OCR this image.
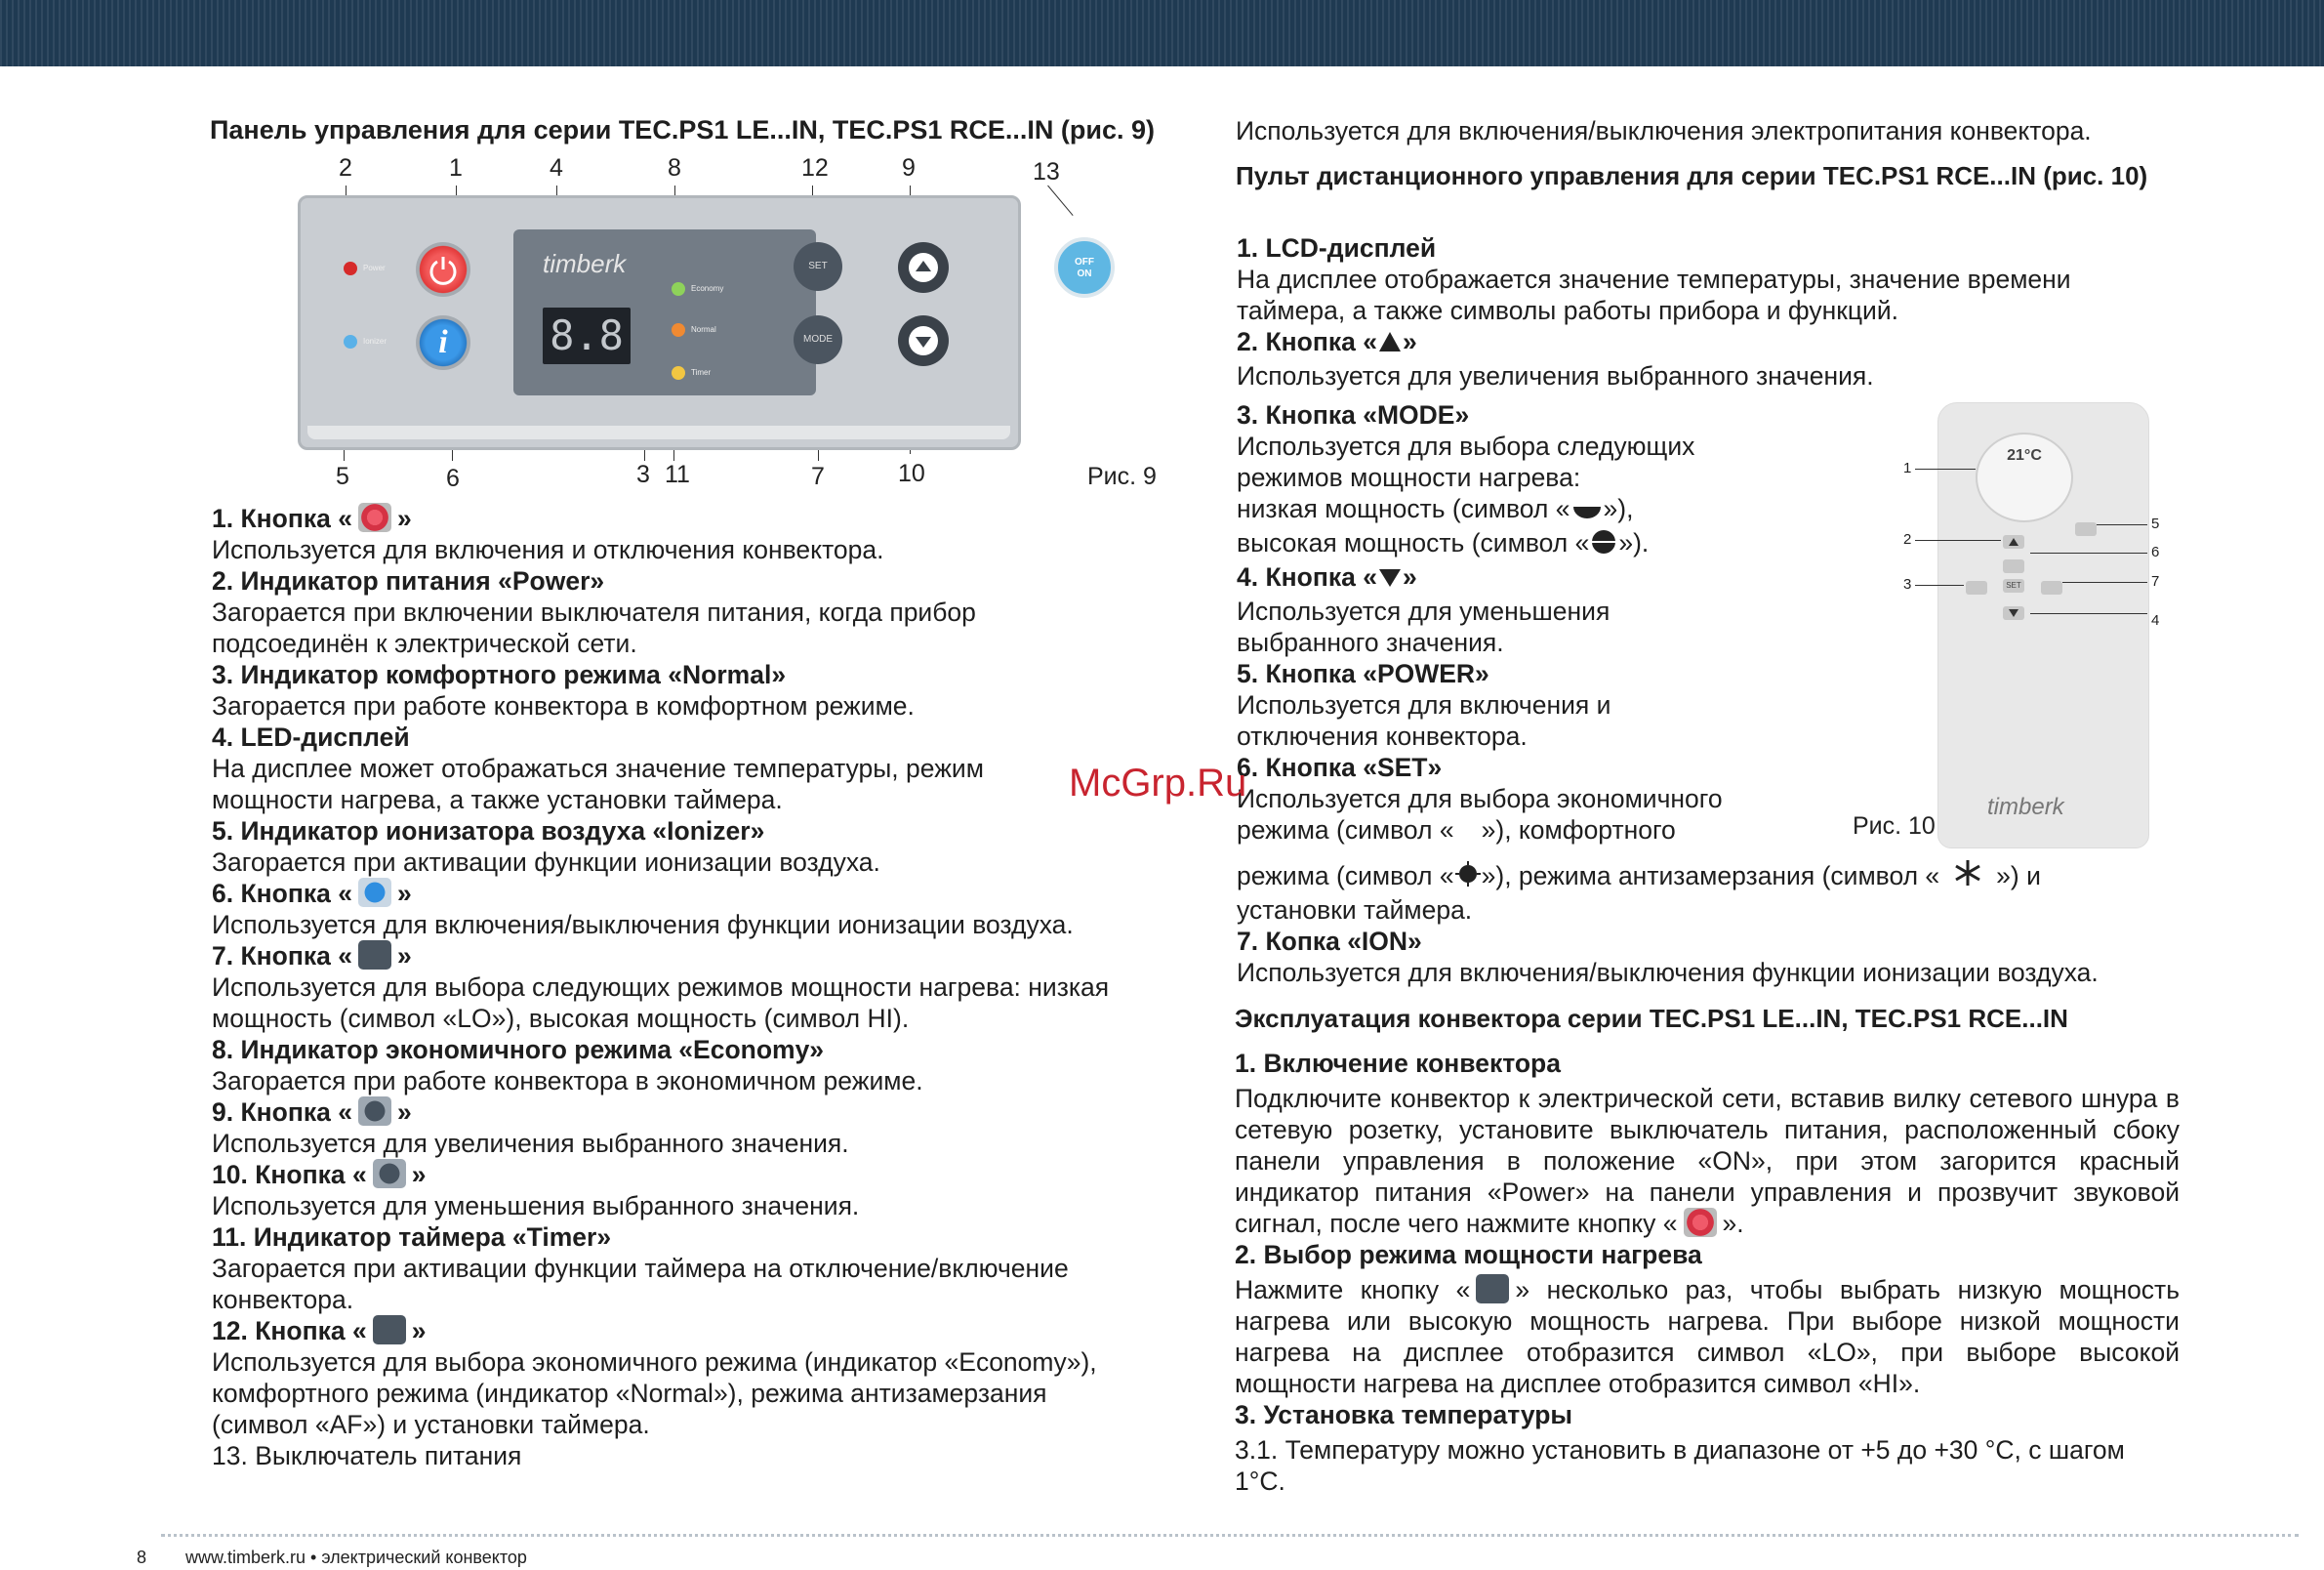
Панель управления для серии TEC.PS1 LE...IN, TEC.PS1 RCE...IN (рис. 9)
2	1	4	8	12	9	13
Power
Ionizer	i
timberk
8.8
Economy
Normal
Timer
SET
MODE
OFF
ON
5	6	3 11	7	10	Рис. 9

1. Кнопка « »

Используется для включения и отключения конвектора.

2. Индикатор питания «Power»

Загорается при включении выключателя питания, когда прибор подсоединён к электрической сети.

3. Индикатор комфортного режима «Normal»

Загорается при работе конвектора в комфортном режиме.

4. LED-дисплей

На дисплее может отображаться значение температуры, режим мощности нагрева, а также установки таймера.

5. Индикатор ионизатора воздуха «Ionizer»

Загорается при активации функции ионизации воздуха.

6. Кнопка « »

Используется для включения/выключения функции ионизации воздуха.

7. Кнопка « »

Используется для выбора следующих режимов мощности нагрева: низкая мощность (символ «LO»), высокая мощность (символ HI).

8. Индикатор экономичного режима «Economy»

Загорается при работе конвектора в экономичном режиме.

9. Кнопка « »

Используется для увеличения выбранного значения.

10. Кнопка « »

Используется для уменьшения выбранного значения.

11. Индикатор таймера «Timer»

Загорается при активации функции таймера на отключение/включение конвектора.

12. Кнопка « »

Используется для выбора экономичного режима (индикатор «Economy»), комфортного режима (индикатор «Normal»), режима антизамерзания (символ «AF») и установки таймера.

13. Выключатель питания

Используется для включения/выключения электропитания конвектора.

Пульт дистанционного управления для серии TEC.PS1 RCE...IN (рис. 10)

1. LCD-дисплей

На дисплее отображается значение температуры, значение времени таймера, а также символы работы прибора и функций.

2. Кнопка « »

Используется для увеличения выбранного значения.

3. Кнопка «MODE»

Используется для выбора следующих режимов мощности нагрева:

низкая мощность (символ « »),

высокая мощность (символ « »).

4. Кнопка « »

Используется для уменьшения выбранного значения.

5. Кнопка «POWER»

Используется для включения и отключения конвектора.

6. Кнопка «SET»

Используется для выбора экономичного

режима (символ « »), комфортного

режима (символ « »), режима антизамерзания (символ « ») и

установки таймера.

7. Копка «ION»

Используется для включения/выключения функции ионизации воздуха.

21°C
SET
timberk
1
2
3
5
6
7
4
Рис. 10

Эксплуатация конвектора серии TEC.PS1 LE...IN, TEC.PS1 RCE...IN

1. Включение конвектора

Подключите конвектор к электрической сети, вставив вилку сетевого шнура в сетевую розетку, установите выключатель питания, расположенный сбоку панели управления в положение «ON», при этом загорится красный индикатор питания «Power» на панели управления и прозвучит звуковой сигнал, после чего нажмите кнопку « ».

2. Выбор режима мощности нагрева

Нажмите кнопку « » несколько раз, чтобы выбрать низкую мощность нагрева или высокую мощность нагрева. При выборе низкой мощности нагрева на дисплее отобразится символ «LO», при выборе высокой мощности нагрева на дисплее отобразится символ «HI».

3. Установка температуры

3.1. Температуру можно установить в диапазоне от +5 до +30 °С, с шагом 1°С.

McGrp.Ru
8 www.timberk.ru • электрический конвектор
